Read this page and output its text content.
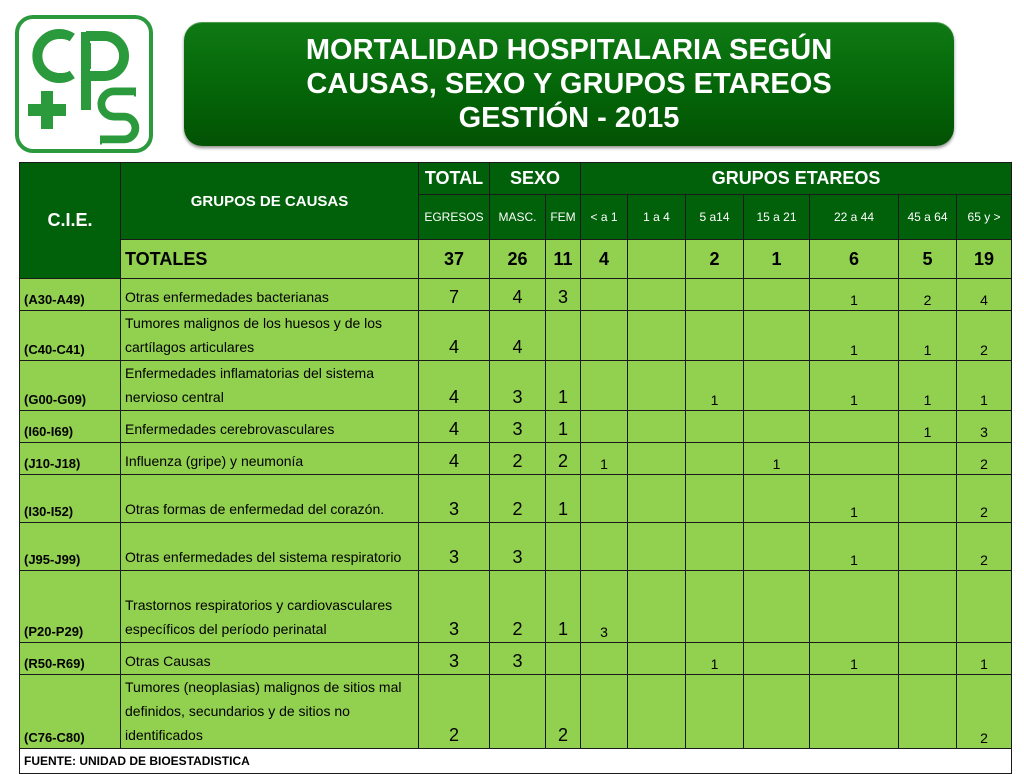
MORTALIDAD HOSPITALARIA SEGÚN
CAUSAS, SEXO Y GRUPOS ETAREOS
GESTIÓN - 2015
C.I.E.	GRUPOS DE CAUSAS	TOTAL	SEXO		GRUPOS ETAREOS						
		EGRESOS	MASC.	FEM	< a 1	1 a 4	5 a14	15 a 21	22 a 44	45 a 64	65 y >
	TOTALES	37	26	11	4		2	1	6	5	19
(A30-A49)	Otras enfermedades bacterianas	7	4	3					1	2	4
(C40-C41)	Tumores malignos de los huesos y de los cartílagos articulares	4	4						1	1	2
(G00-G09)	Enfermedades inflamatorias del sistema nervioso central	4	3	1			1		1	1	1
(I60-I69)	Enfermedades cerebrovasculares	4	3	1						1	3
(J10-J18)	Influenza (gripe) y neumonía	4	2	2	1			1			2
(I30-I52)	Otras formas de enfermedad del corazón.	3	2	1					1		2
(J95-J99)	Otras enfermedades del sistema respiratorio	3	3						1		2
(P20-P29)	Trastornos respiratorios y cardiovasculares específicos del período perinatal	3	2	1	3						
(R50-R69)	Otras Causas	3	3				1		1		1
(C76-C80)	Tumores (neoplasias) malignos de sitios mal definidos, secundarios y de sitios no identificados	2		2							2
FUENTE: UNIDAD DE BIOESTADISTICA											
